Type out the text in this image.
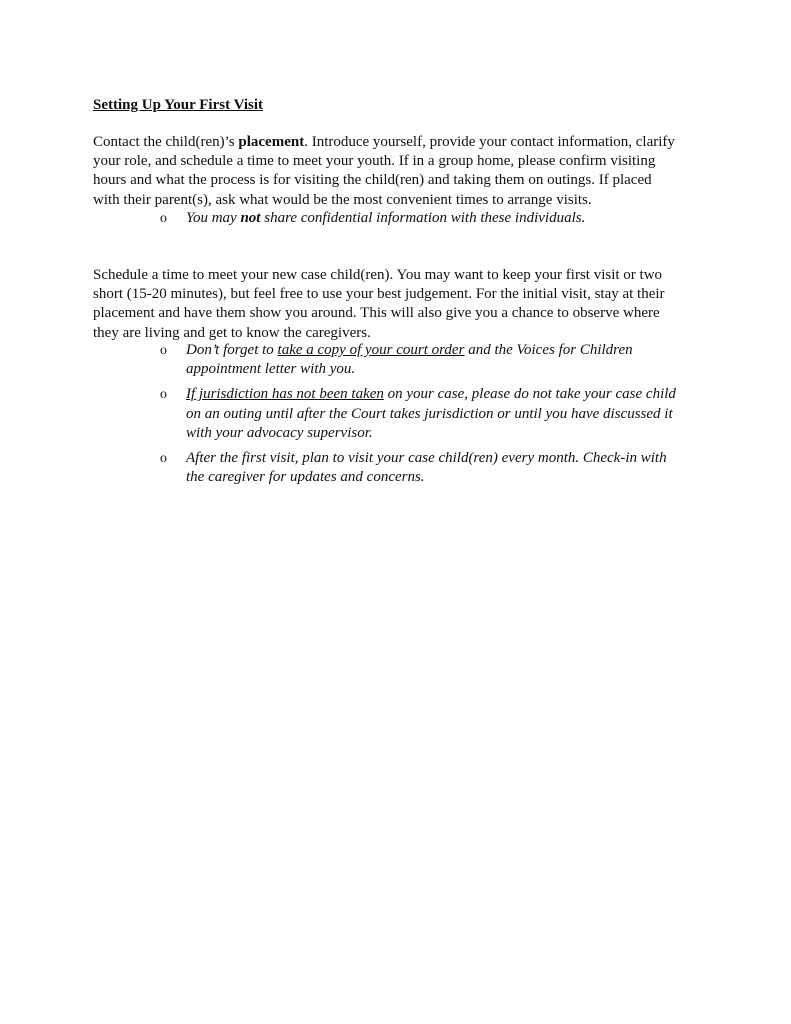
Setting Up Your First Visit

Contact the child(ren)’s placement. Introduce yourself, provide your contact information, clarify
your role, and schedule a time to meet your youth. If in a group home, please confirm visiting
hours and what the process is for visiting the child(ren) and taking them on outings. If placed
with their parent(s), ask what would be the most convenient times to arrange visits.

o You may not share confidential information with these individuals.

Schedule a time to meet your new case child(ren). You may want to keep your first visit or two
short (15-20 minutes), but feel free to use your best judgement. For the initial visit, stay at their
placement and have them show you around. This will also give you a chance to observe where
they are living and get to know the caregivers.

o Don’t forget to take a copy of your court order and the Voices for Children
appointment letter with you.
o If jurisdiction has not been taken on your case, please do not take your case child
on an outing until after the Court takes jurisdiction or until you have discussed it
with your advocacy supervisor.
o After the first visit, plan to visit your case child(ren) every month. Check-in with
the caregiver for updates and concerns.
